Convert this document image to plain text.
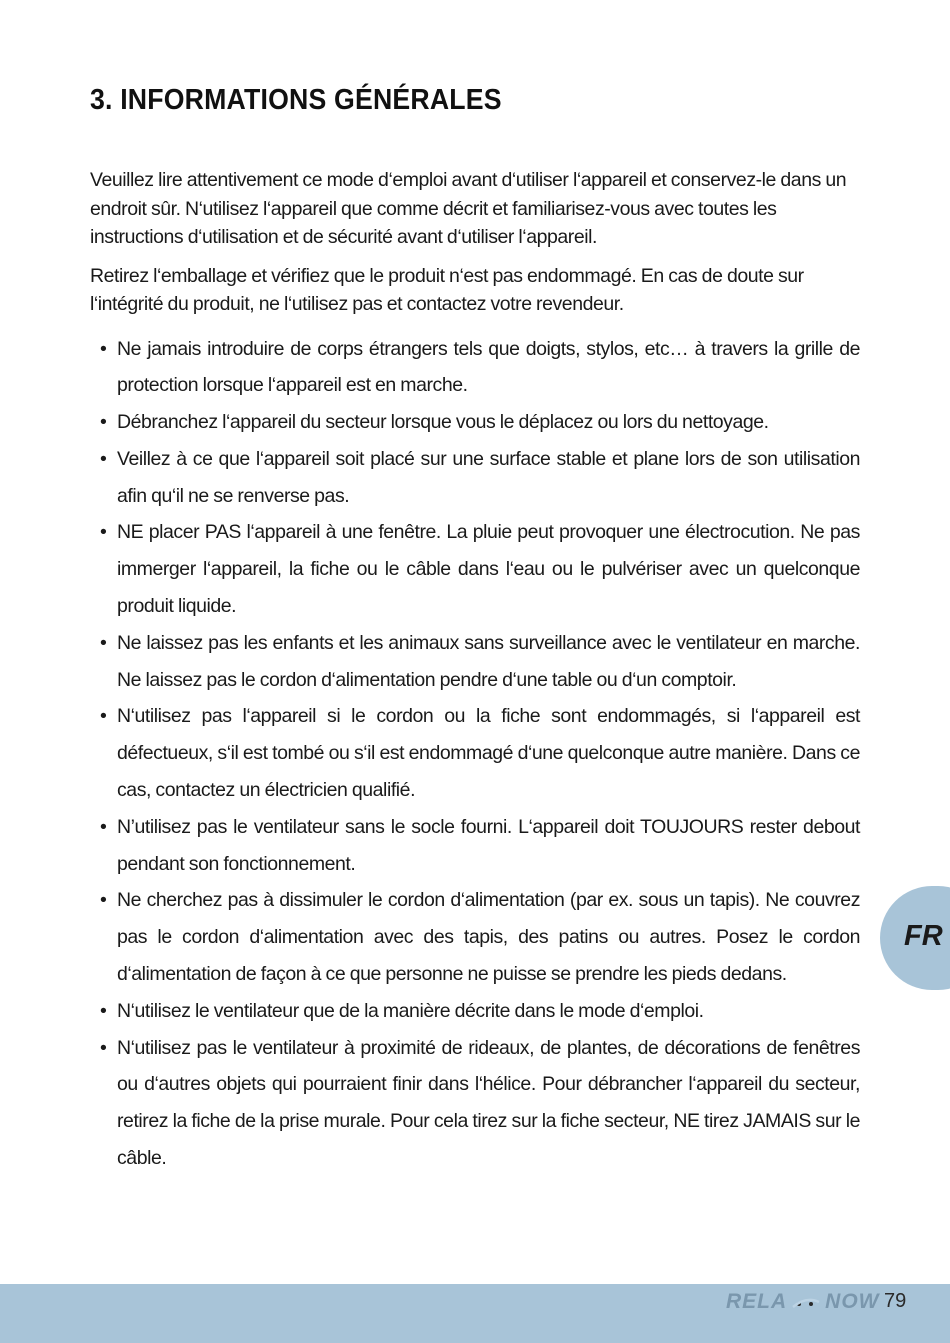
3. INFORMATIONS GÉNÉRALES

Veuillez lire attentivement ce mode d‘emploi avant d‘utiliser l‘appareil et conservez-le dans un endroit sûr. N‘utilisez l‘appareil que comme décrit et familiarisez-vous avec toutes les instructions d‘utilisation et de sécurité avant d‘utiliser l‘appareil.

Retirez l‘emballage et vérifiez que le produit n‘est pas endommagé. En cas de doute sur l‘intégrité du produit, ne l‘utilisez pas et contactez votre revendeur.

• Ne jamais introduire de corps étrangers tels que doigts, stylos, etc… à travers la grille de protection lorsque l‘appareil est en marche.
• Débranchez l‘appareil du secteur lorsque vous le déplacez ou lors du nettoyage.
• Veillez à ce que l‘appareil soit placé sur une surface stable et plane lors de son utilisation afin qu‘il ne se renverse pas.
• NE placer PAS l‘appareil à une fenêtre. La pluie peut provoquer une électrocution. Ne pas immerger l‘appareil, la fiche ou le câble dans l‘eau ou le pulvériser avec un quelconque produit liquide.
• Ne laissez pas les enfants et les animaux sans surveillance avec le ventilateur en marche. Ne laissez pas le cordon d‘alimentation pendre d‘une table ou d‘un comptoir.
• N‘utilisez pas l‘appareil si le cordon ou la fiche sont endommagés, si l‘appareil est défectueux, s‘il est tombé ou s‘il est endommagé d‘une quelconque autre manière. Dans ce cas, contactez un électricien qualifié.
• N’utilisez pas le ventilateur sans le socle fourni. L‘appareil doit TOUJOURS rester debout pendant son fonctionnement.
• Ne cherchez pas à dissimuler le cordon d‘alimentation (par ex. sous un tapis). Ne couvrez pas le cordon d‘alimentation avec des tapis, des patins ou autres. Posez le cordon d‘alimentation de façon à ce que personne ne puisse se prendre les pieds dedans.
• N‘utilisez le ventilateur que de la manière décrite dans le mode d‘emploi.
• N‘utilisez pas le ventilateur à proximité de rideaux, de plantes, de décorations de fenêtres ou d‘autres objets qui pourraient finir dans l‘hélice. Pour débrancher l‘appareil du secteur, retirez la fiche de la prise murale. Pour cela tirez sur la fiche secteur, NE tirez JAMAIS sur le câble.
FR
RELA NOW 79
